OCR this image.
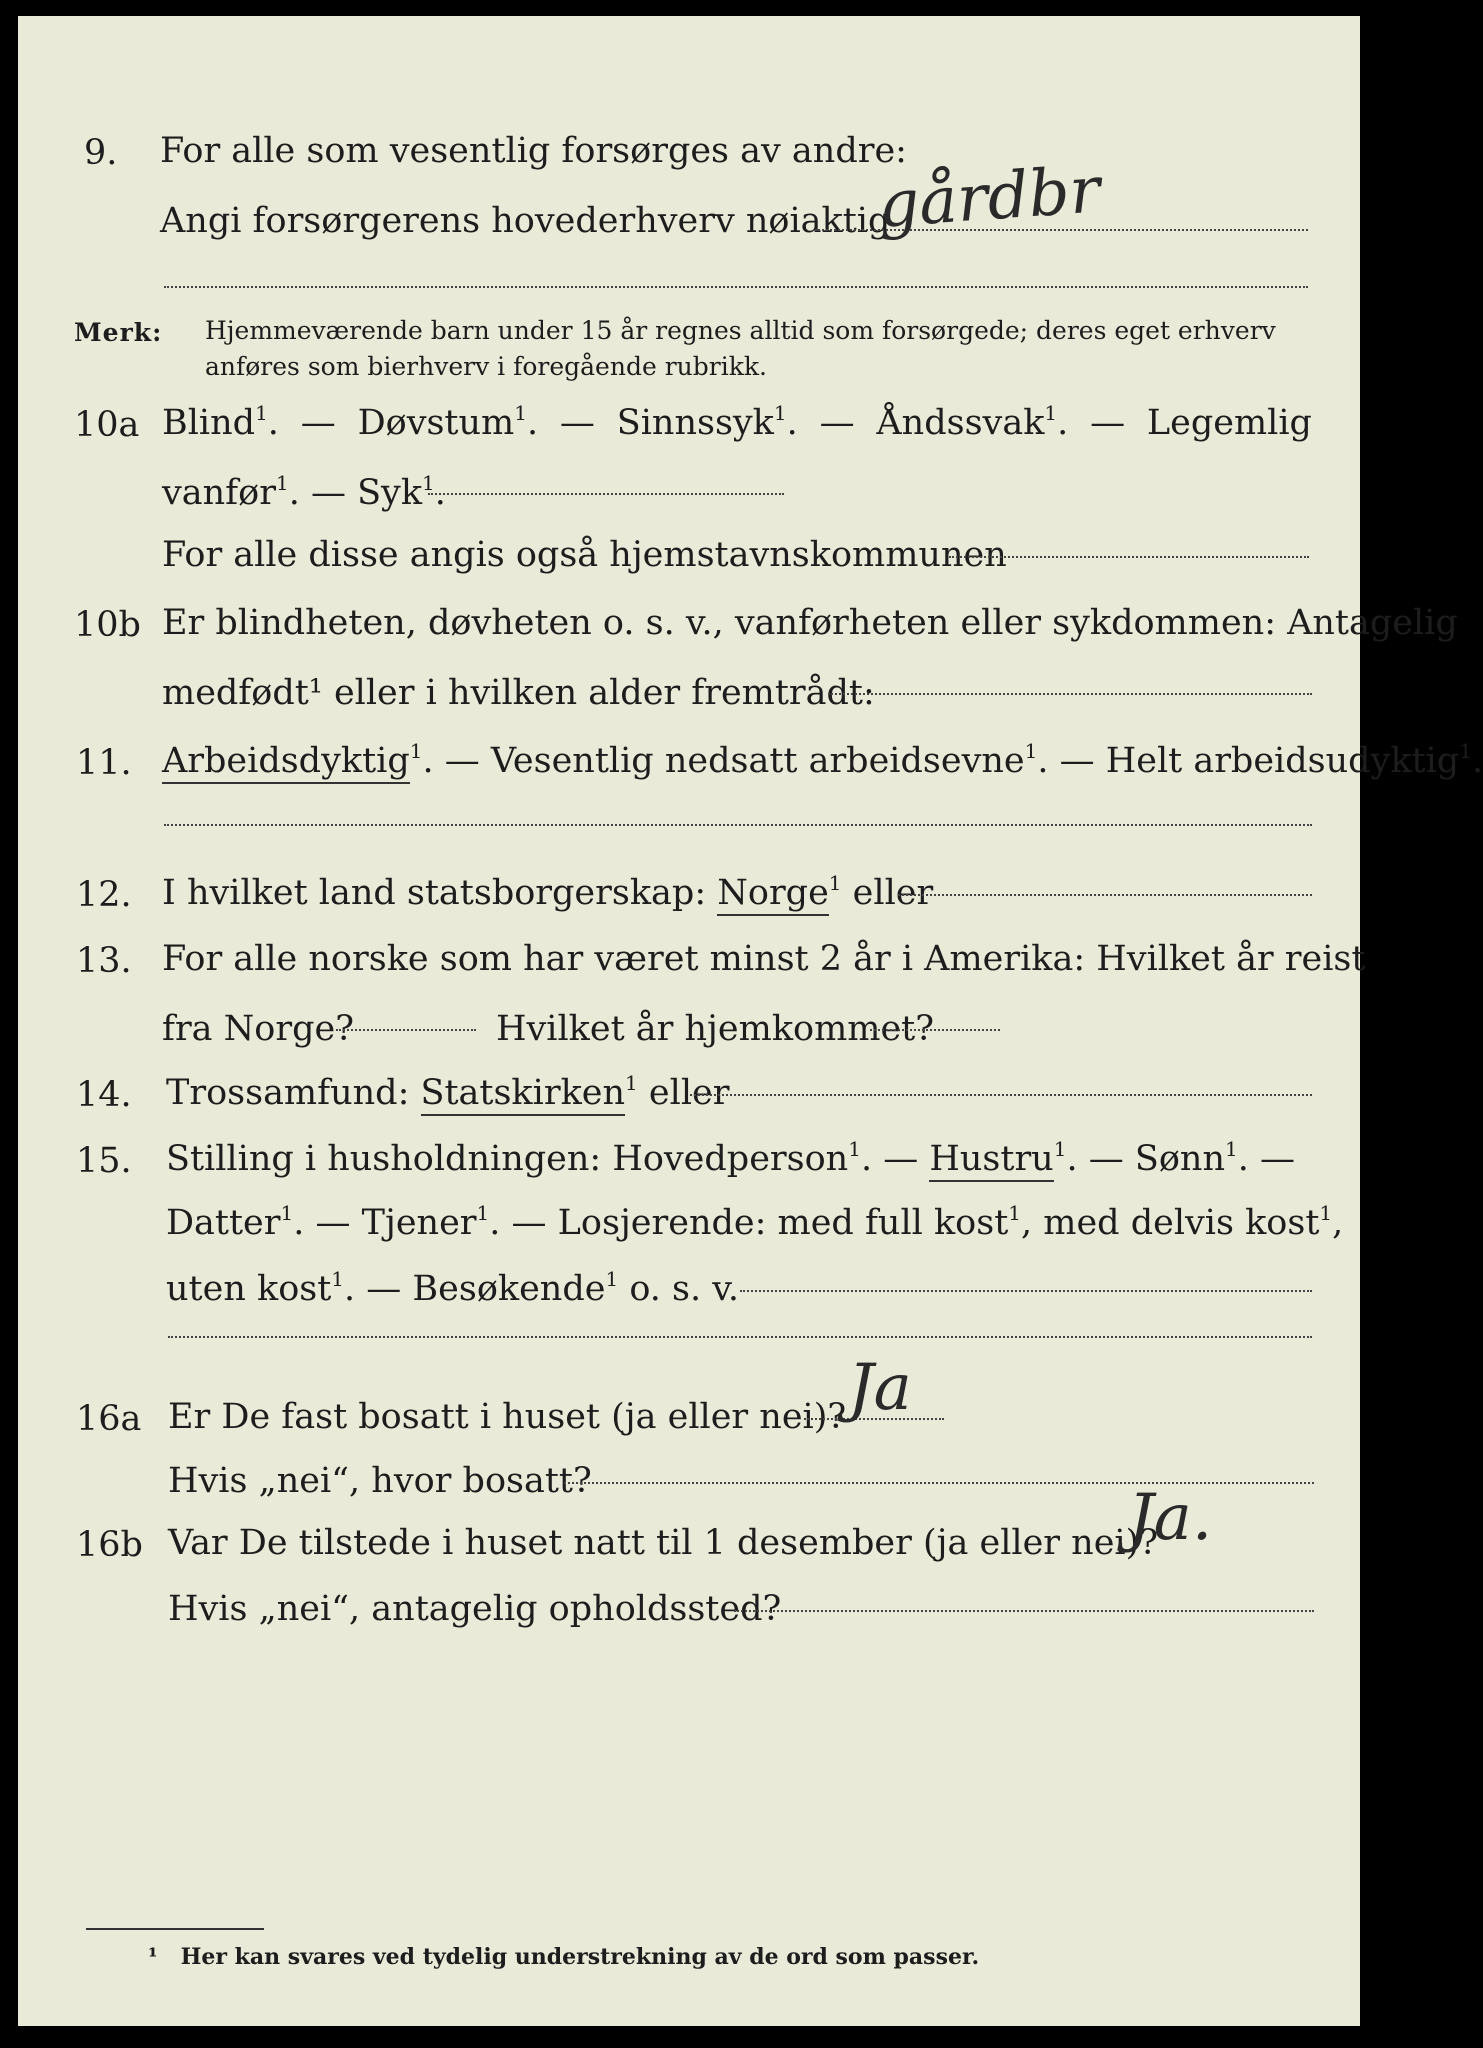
9. For alle som vesentlig forsørges av andre:
Angi forsørgerens hovederhverv nøiaktig
gårdbr
Merk: Hjemmeværende barn under 15 år regnes alltid som forsørgede; deres eget erhverv
anføres som bierhverv i foregående rubrikk.
10a Blind$^1$. — Døvstum$^1$. — Sinnssyk$^1$. — Åndssvak$^1$. — Legemlig
vanfør$^1$. — Syk$^1$.
For alle disse angis også hjemstavnskommunen
10b Er blindheten, døvheten o. s. v., vanførheten eller sykdommen: Antagelig
medfødt¹ eller i hvilken alder fremtrådt:
11. Arbeidsdyktig$^1$. — Vesentlig nedsatt arbeidsevne$^1$. — Helt arbeidsudyktig$^1$.
12. I hvilket land statsborgerskap: Norge$^1$ eller
13. For alle norske som har været minst 2 år i Amerika: Hvilket år reist
fra Norge?	Hvilket år hjemkommet?
14. Trossamfund: Statskirken$^1$ eller
15. Stilling i husholdningen: Hovedperson$^1$. — Hustru$^1$. — Sønn$^1$. —
Datter$^1$. — Tjener$^1$. — Losjerende: med full kost$^1$, med delvis kost$^1$,
uten kost$^1$. — Besøkende$^1$ o. s. v.
16a Er De fast bosatt i huset (ja eller nei)? Ja
Hvis „nei“, hvor bosatt?
16b Var De tilstede i huset natt til 1 desember (ja eller nei)?
Ja.
Hvis „nei“, antagelig opholdssted?
¹ Her kan svares ved tydelig understrekning av de ord som passer.
